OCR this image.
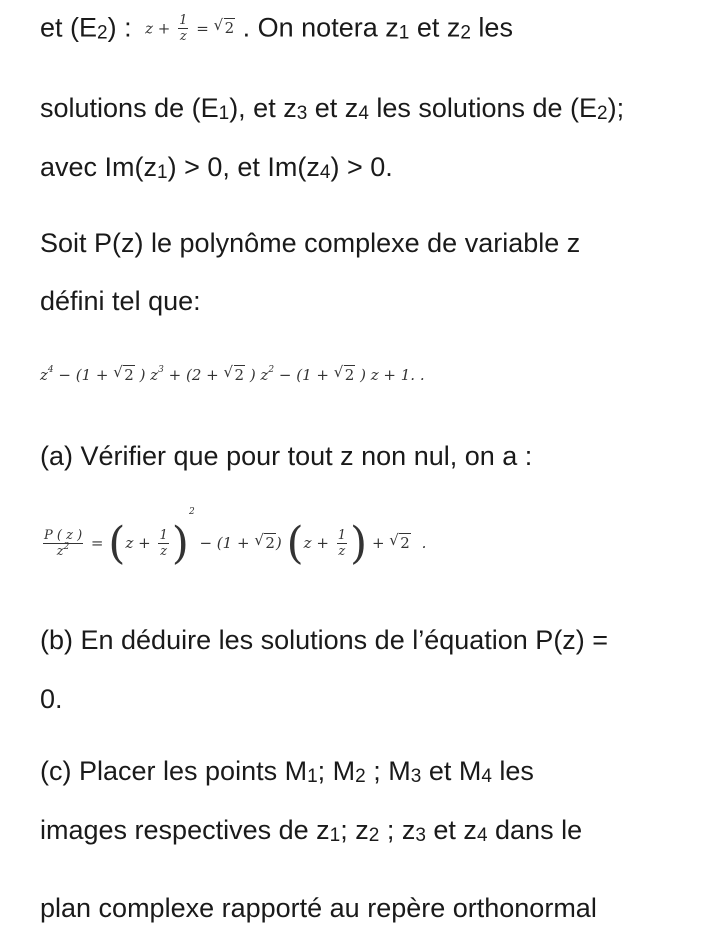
et (E2) : $z + \frac{1}{z}$ = √ 2 . On notera z1 et z2 les
solutions de (E1), et z3 et z4 les solutions de (E2);
avec Im(z1) > 0, et Im(z4) > 0.
Soit P(z) le polynôme complexe de variable z
défini tel que:
$z^4 - (1$ + √ 2 ) $z^3 + (2$ + √ 2 ) $z^2 - (1$ + √ 2 ) z + 1. .
(a) Vérifier que pour tout z non nul, on a :
$\frac{P ( z )}{z^2} = (z + \frac{1}{z} )^2 - (1$ + √ 2) ($z + \frac{1}{z}$ ) + √ 2 .
(b) En déduire les solutions de l’équation P(z) =
0.
(c) Placer les points M1; M2 ; M3 et M4 les
images respectives de z1; z2 ; z3 et z4 dans le
plan complexe rapporté au repère orthonormal
